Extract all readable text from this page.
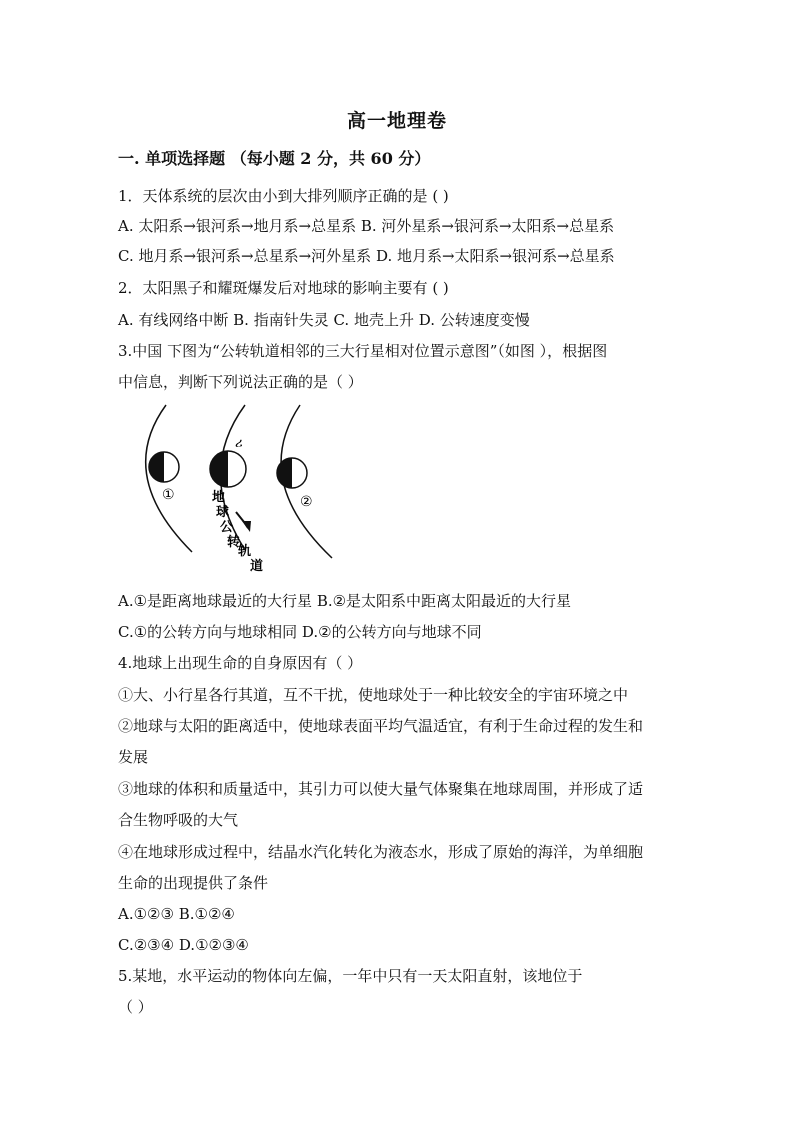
高一地理卷
一. 单项选择题 （每小题 2 分，共 60 分）
1．天体系统的层次由小到大排列顺序正确的是 ( )
A. 太阳系→银河系→地月系→总星系 B. 河外星系→银河系→太阳系→总星系
C. 地月系→银河系→总星系→河外星系 D. 地月系→太阳系→银河系→总星系
2．太阳黑子和耀斑爆发后对地球的影响主要有 ( )
A. 有线网络中断 B. 指南针失灵 C. 地壳上升 D. 公转速度变慢
3.中国 下图为“公转轨道相邻的三大行星相对位置示意图”（如图 ），根据图
中信息，判断下列说法正确的是（ ）
①	②
ሪ
地
球
公
转
轨
道
A.①是距离地球最近的大行星 B.②是太阳系中距离太阳最近的大行星
C.①的公转方向与地球相同 D.②的公转方向与地球不同
4.地球上出现生命的自身原因有（ ）
①大、小行星各行其道，互不干扰，使地球处于一种比较安全的宇宙环境之中
②地球与太阳的距离适中，使地球表面平均气温适宜，有利于生命过程的发生和
发展
③地球的体积和质量适中，其引力可以使大量气体聚集在地球周围，并形成了适
合生物呼吸的大气
④在地球形成过程中，结晶水汽化转化为液态水，形成了原始的海洋，为单细胞
生命的出现提供了条件
A.①②③ B.①②④
C.②③④ D.①②③④
5.某地，水平运动的物体向左偏，一年中只有一天太阳直射，该地位于
（ ）
